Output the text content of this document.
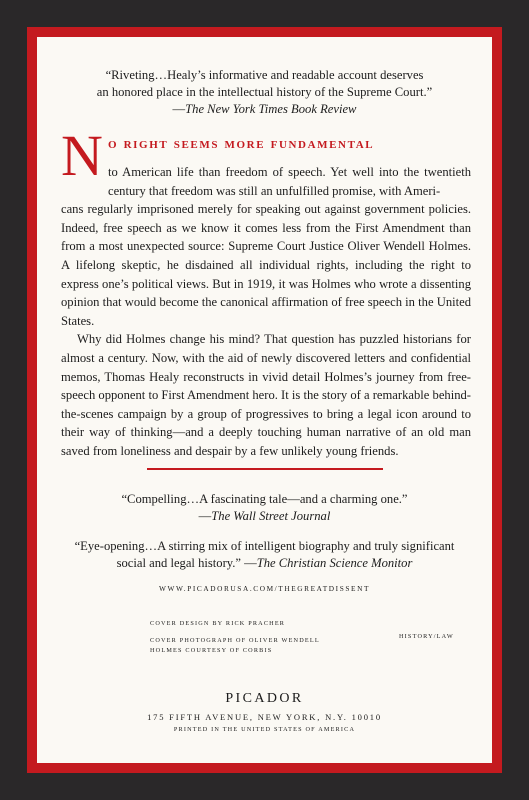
“Riveting…Healy’s informative and readable account deserves
an honored place in the intellectual history of the Supreme Court.”
—The New York Times Book Review
N o right seems more fundamental

to American life than freedom of speech. Yet well into the twentieth century that freedom was still an unfulfilled promise, with Ameri-
cans regularly imprisoned merely for speaking out against government policies. Indeed, free speech as we know it comes less from the First Amendment than from a most unexpected source: Supreme Court Justice Oliver Wendell Holmes. A lifelong skeptic, he disdained all individual rights, including the right to express one’s political views. But in 1919, it was Holmes who wrote a dissenting opinion that would become the canonical affirmation of free speech in the United States.

Why did Holmes change his mind? That question has puzzled historians for almost a century. Now, with the aid of newly discovered letters and confidential memos, Thomas Healy reconstructs in vivid detail Holmes’s journey from free-speech opponent to First Amendment hero. It is the story of a remarkable behind-the-scenes campaign by a group of progressives to bring a legal icon around to their way of thinking—and a deeply touching human narrative of an old man saved from loneliness and despair by a few unlikely young friends.

“Compelling…A fascinating tale—and a charming one.”
—The Wall Street Journal
“Eye-opening…A stirring mix of intelligent biography and truly significant
social and legal history.” —The Christian Science Monitor
WWW.PICADORUSA.COM/THEGREATDISSENT
COVER DESIGN BY RICK PRACHER
COVER PHOTOGRAPH OF OLIVER WENDELL
HOLMES COURTESY OF CORBIS
HISTORY/LAW
PICADOR
175 FIFTH AVENUE, NEW YORK, N.Y. 10010
PRINTED IN THE UNITED STATES OF AMERICA
